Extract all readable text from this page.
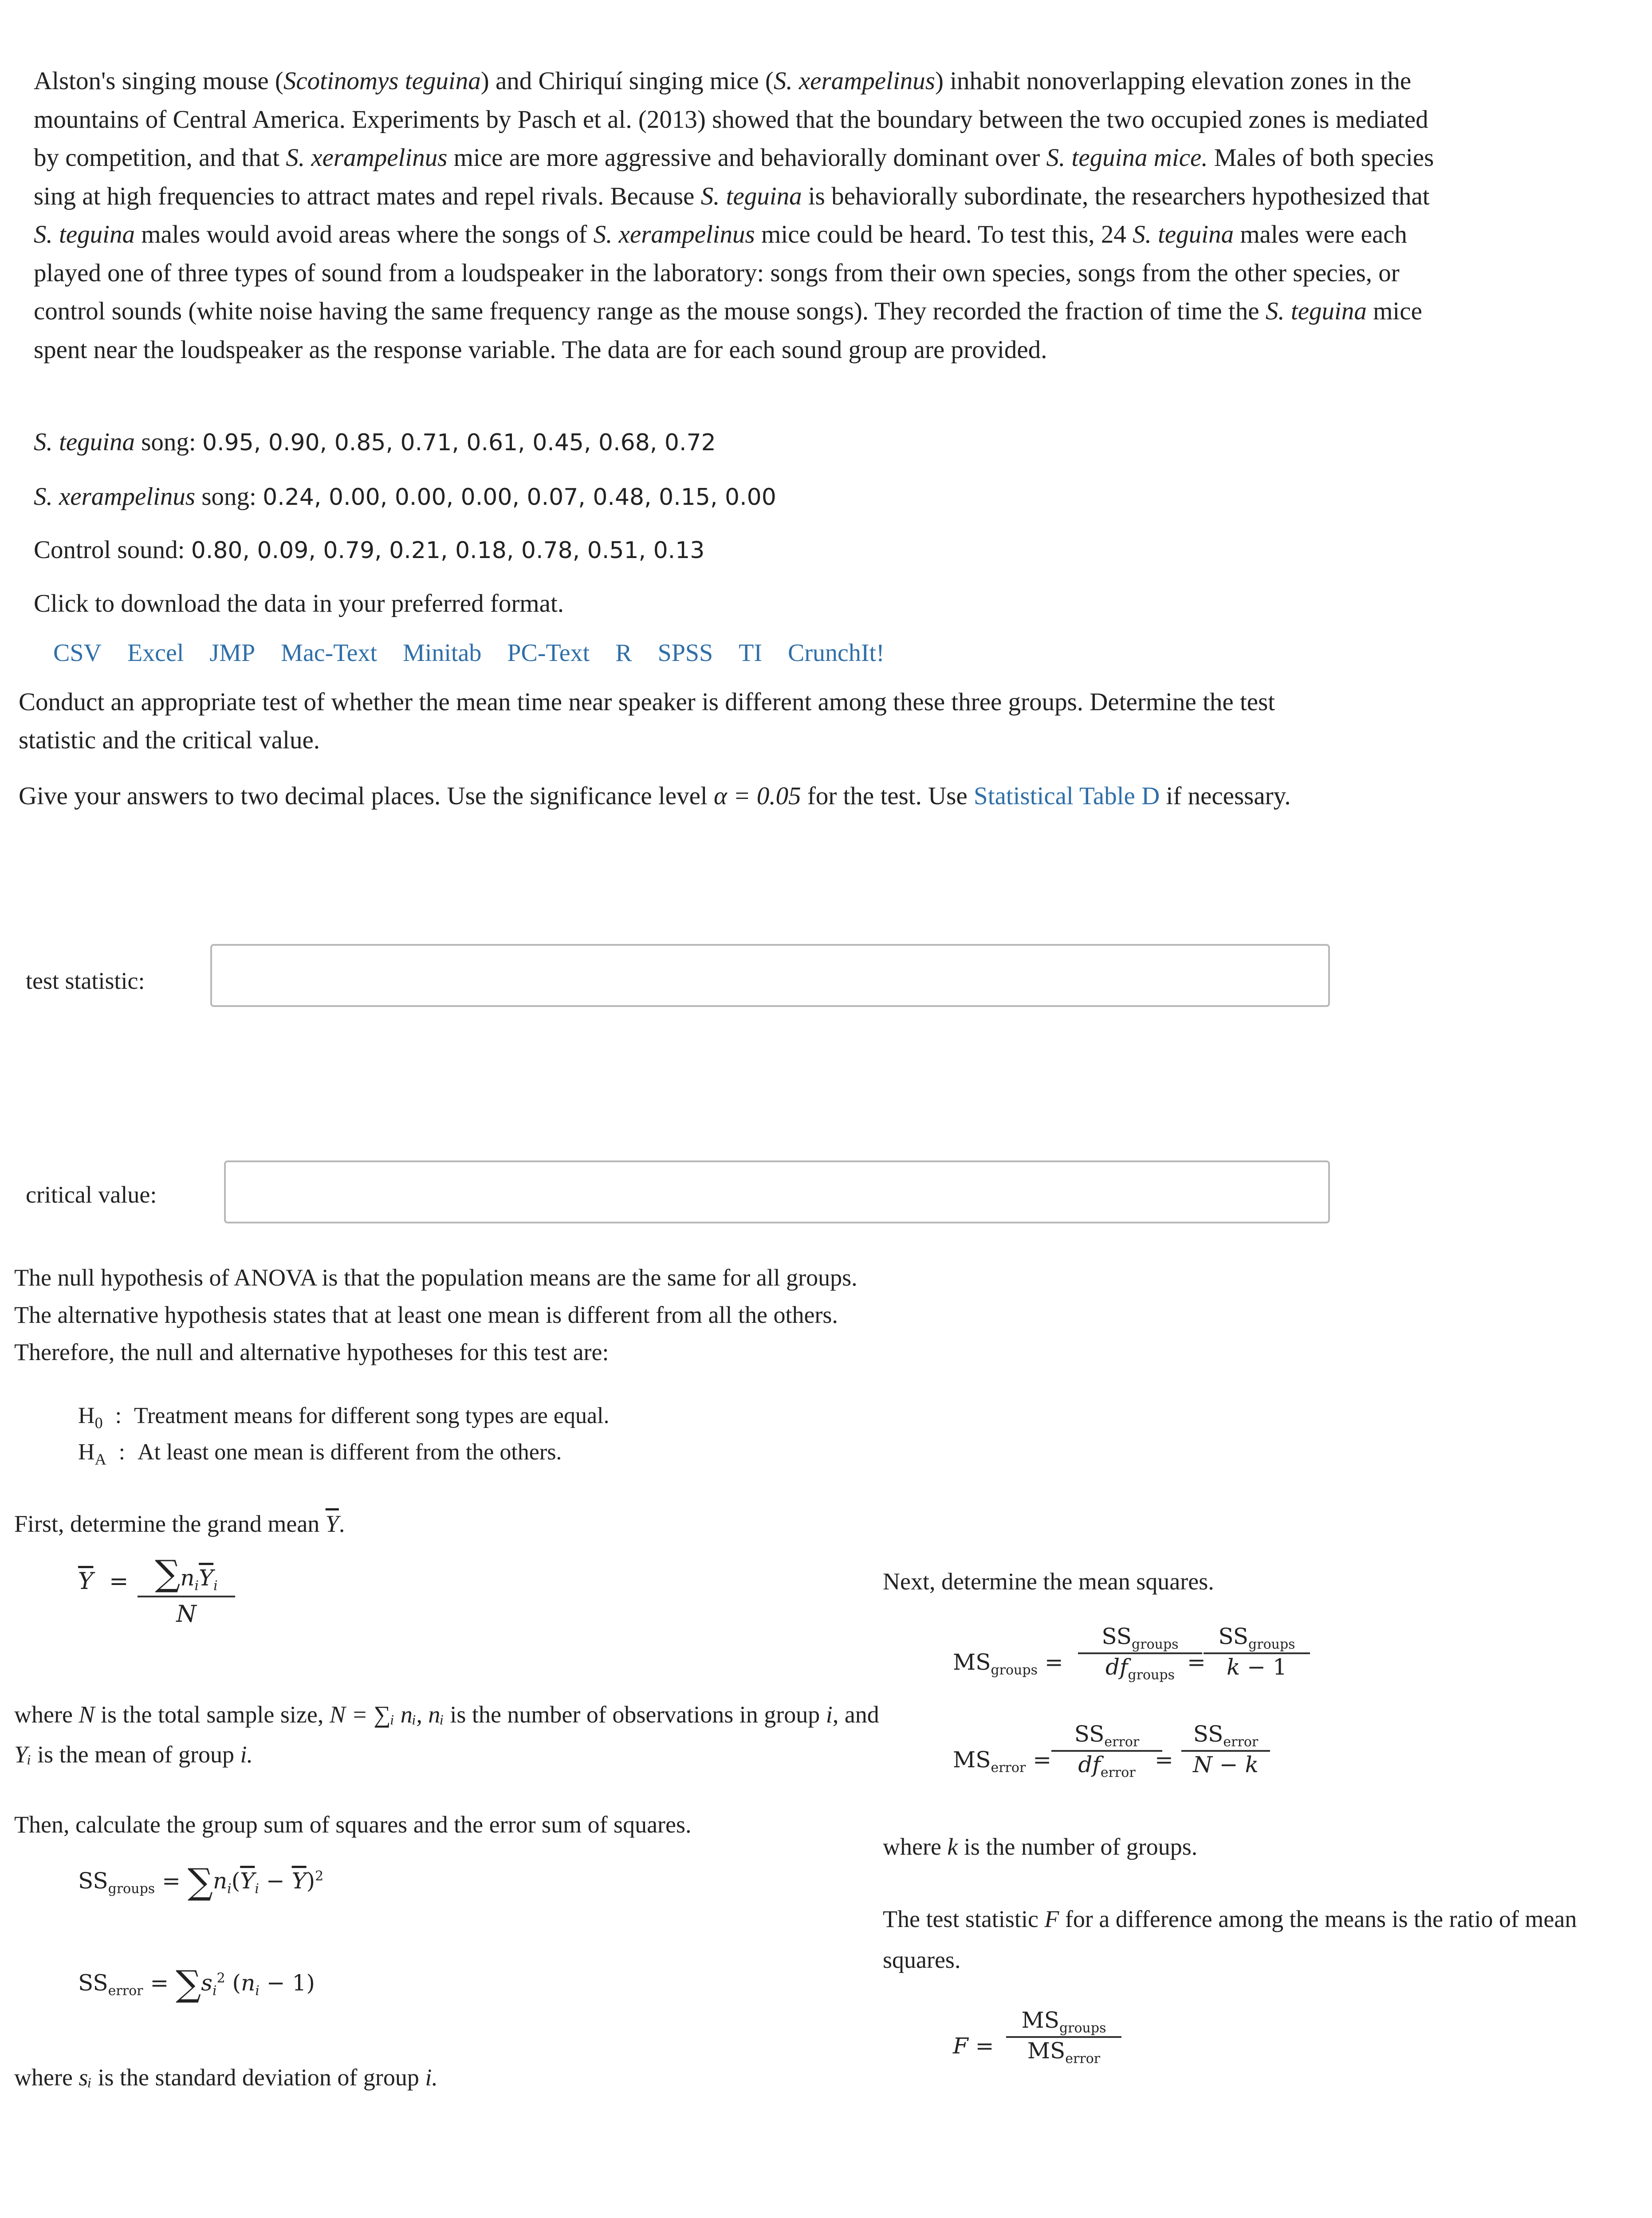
Alston's singing mouse (Scotinomys teguina) and Chiriquí singing mice (S. xerampelinus) inhabit nonoverlapping elevation zones in the mountains of Central America. Experiments by Pasch et al. (2013) showed that the boundary between the two occupied zones is mediated by competition, and that S. xerampelinus mice are more aggressive and behaviorally dominant over S. teguina mice. Males of both species sing at high frequencies to attract mates and repel rivals. Because S. teguina is behaviorally subordinate, the researchers hypothesized that S. teguina males would avoid areas where the songs of S. xerampelinus mice could be heard. To test this, 24 S. teguina males were each played one of three types of sound from a loudspeaker in the laboratory: songs from their own species, songs from the other species, or control sounds (white noise having the same frequency range as the mouse songs). They recorded the fraction of time the S. teguina mice spent near the loudspeaker as the response variable. The data are for each sound group are provided.
S. teguina song: 0.95, 0.90, 0.85, 0.71, 0.61, 0.45, 0.68, 0.72
S. xerampelinus song: 0.24, 0.00, 0.00, 0.00, 0.07, 0.48, 0.15, 0.00
Control sound: 0.80, 0.09, 0.79, 0.21, 0.18, 0.78, 0.51, 0.13
Click to download the data in your preferred format.
CSV Excel JMP Mac-Text Minitab PC-Text R SPSS TI CrunchIt!
Conduct an appropriate test of whether the mean time near speaker is different among these three groups. Determine the test statistic and the critical value.
Give your answers to two decimal places. Use the significance level α = 0.05 for the test. Use Statistical Table D if necessary.
test statistic:
critical value:
The null hypothesis of ANOVA is that the population means are the same for all groups. The alternative hypothesis states that at least one mean is different from all the others. Therefore, the null and alternative hypotheses for this test are:
$H_0$ : Treatment means for different song types are equal.
$H_A$ : At least one mean is different from the others.
First, determine the grand mean $\overline{Y}$.
$\overline{Y} = \sum n_i\overline{Y}_i$
N
where N is the total sample size, N = ∑ᵢ nᵢ, nᵢ is the number of observations in group i, and Yᵢ is the mean of group i.
Then, calculate the group sum of squares and the error sum of squares.
$SS_{groups} = \sum n_i(\overline{Y}_i - \overline{Y})^2$
$SS_{error} = \sum s_i^2$ $(n_i - 1)$
where sᵢ is the standard deviation of group i.
Next, determine the mean squares.
$MS_{groups}$ =
$SS_{groups}$
$df_{groups}$ =
$SS_{groups}$
k − 1
$MS_{error}$ =
$SS_{error}$
$df_{error}$ =
$SS_{error}$
N − k
where k is the number of groups.
The test statistic F for a difference among the means is the ratio of mean squares.
F =
$MS_{groups}$
$MS_{error}$
